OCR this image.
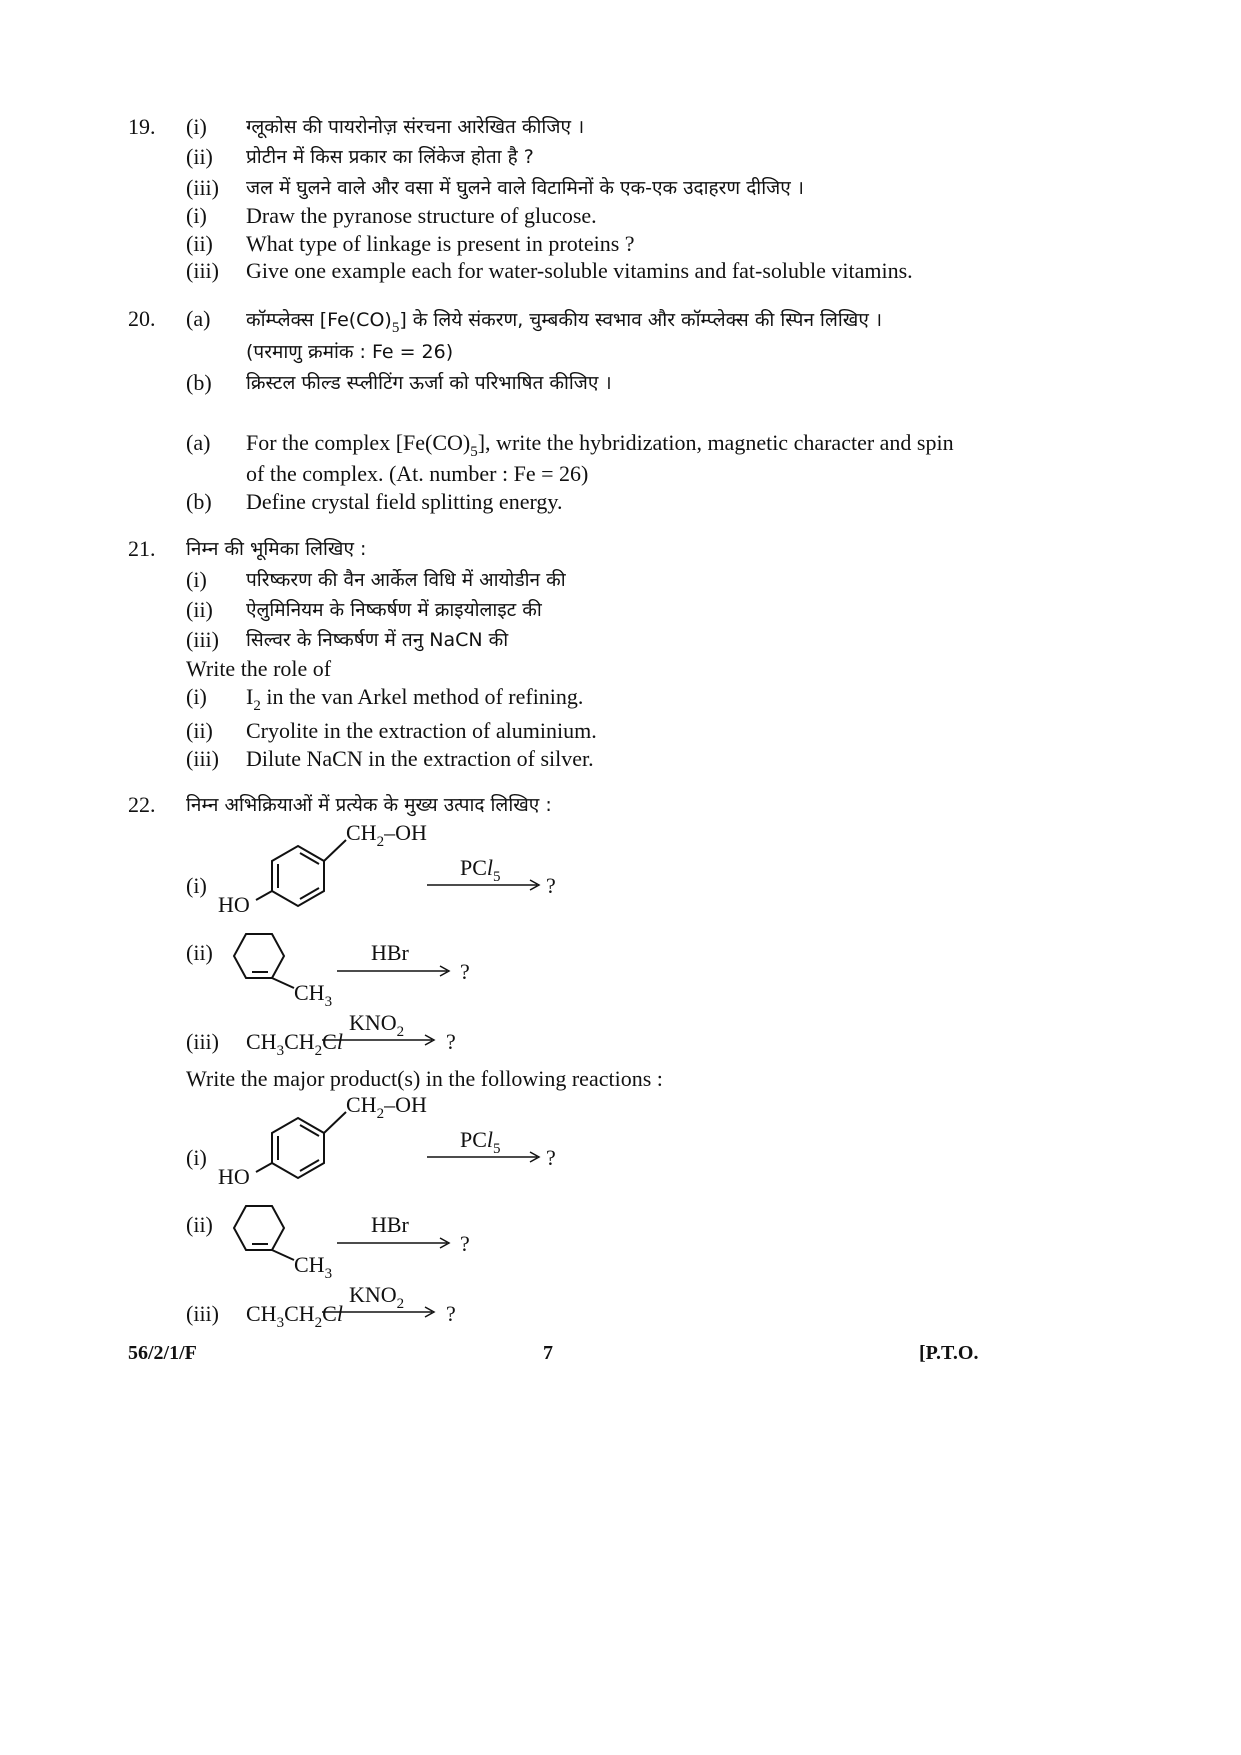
19. (i) ग्लूकोस की पायरोनोज़ संरचना आरेखित कीजिए ।
(ii) प्रोटीन में किस प्रकार का लिंकेज होता है ?
(iii) जल में घुलने वाले और वसा में घुलने वाले विटामिनों के एक-एक उदाहरण दीजिए ।
(i) Draw the pyranose structure of glucose.
(ii) What type of linkage is present in proteins ?
(iii) Give one example each for water-soluble vitamins and fat-soluble vitamins.
20. (a) कॉम्प्लेक्स $[Fe(CO)_5]$ के लिये संकरण, चुम्बकीय स्वभाव और कॉम्प्लेक्स की स्पिन लिखिए ।
(परमाणु क्रमांक : Fe = 26)
(b) क्रिस्टल फील्ड स्प्लीटिंग ऊर्जा को परिभाषित कीजिए ।
(a) For the complex $[Fe(CO)_5]$, write the hybridization, magnetic character and spin
of the complex. (At. number : Fe = 26)
(b) Define crystal field splitting energy.
21. निम्न की भूमिका लिखिए :
(i) परिष्करण की वैन आर्केल विधि में आयोडीन की
(ii) ऐलुमिनियम के निष्कर्षण में क्राइयोलाइट की
(iii) सिल्वर के निष्कर्षण में तनु NaCN की
Write the role of
(i) $I_2$ in the van Arkel method of refining.
(ii) Cryolite in the extraction of aluminium.
(iii) Dilute NaCN in the extraction of silver.
22. निम्न अभिक्रियाओं में प्रत्येक के मुख्य उत्पाद लिखिए :
(i)
$CH_2-OH$
HO
PCl$_5$ ?
(ii)
$CH_3$
HBr
?
(iii) $CH_3CH_2Cl$
$KNO_2$ ?
Write the major product(s) in the following reactions :
(i)
$CH_2-OH$
HO
PCl$_5$ ?
(ii)
$CH_3$
HBr
?
(iii) $CH_3CH_2Cl$
$KNO_2$ ?
56/2/1/F	7	[P.T.O.
